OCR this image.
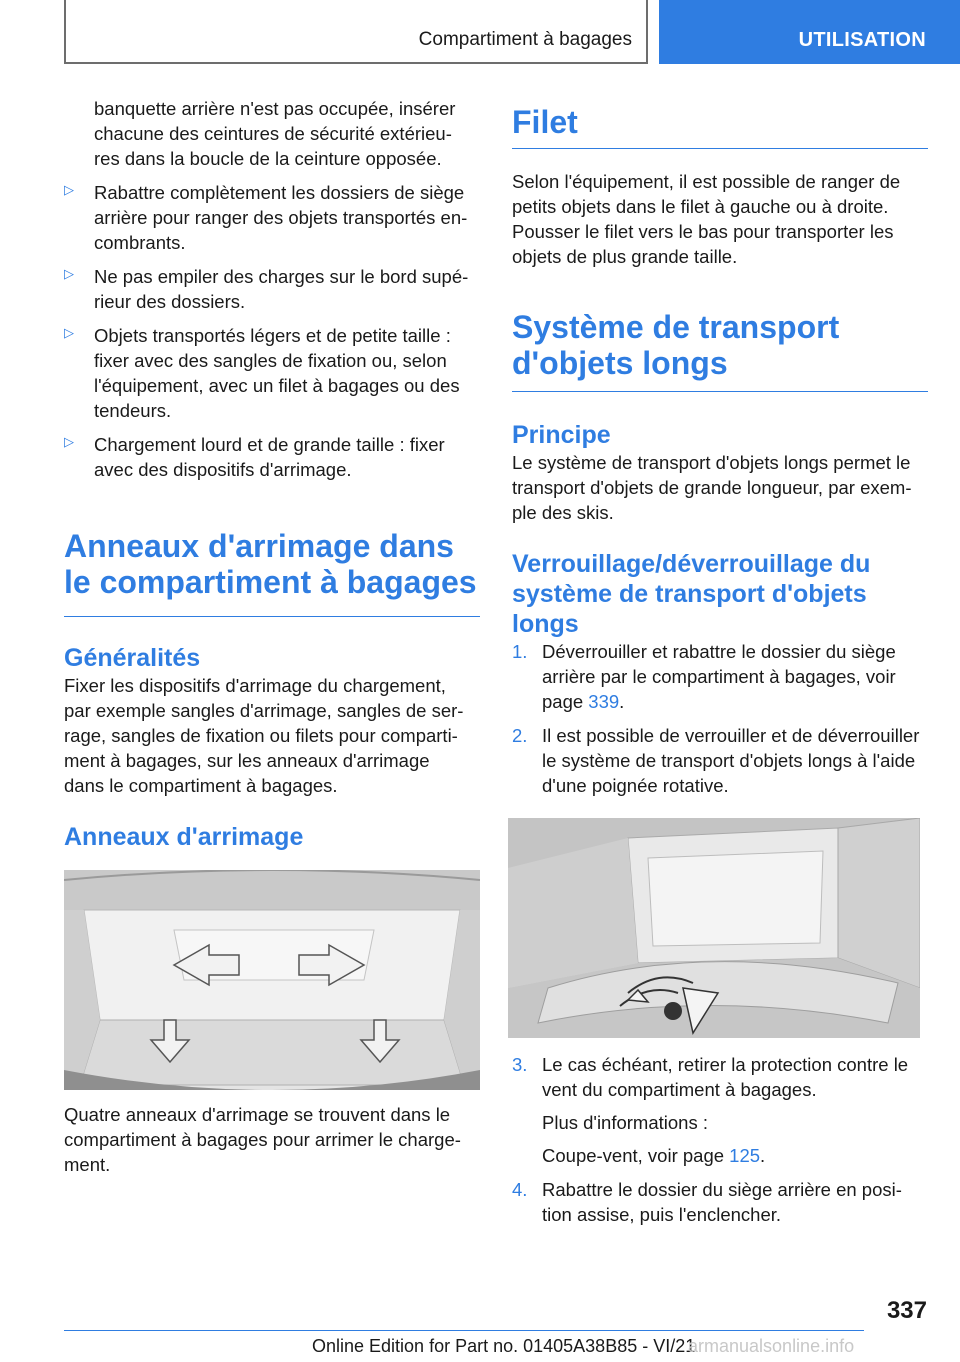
Compartiment à bagages	UTILISATION

banquette arrière n'est pas occupée, insérer

chacune des ceintures de sécurité extérieu-

res dans la boucle de la ceinture opposée.

▷ Rabattre complètement les dossiers de siège

arrière pour ranger des objets transportés en-

combrants.

▷ Ne pas empiler des charges sur le bord supé-

rieur des dossiers.

▷ Objets transportés légers et de petite taille :

fixer avec des sangles de fixation ou, selon

l'équipement, avec un filet à bagages ou des

tendeurs.

▷ Chargement lourd et de grande taille : fixer

avec des dispositifs d'arrimage.

Anneaux d'arrimage dans
le compartiment à bagages
Généralités

Fixer les dispositifs d'arrimage du chargement,

par exemple sangles d'arrimage, sangles de ser-

rage, sangles de fixation ou filets pour comparti-

ment à bagages, sur les anneaux d'arrimage

dans le compartiment à bagages.

Anneaux d'arrimage

Quatre anneaux d'arrimage se trouvent dans le

compartiment à bagages pour arrimer le charge-

ment.

Filet

Selon l'équipement, il est possible de ranger de

petits objets dans le filet à gauche ou à droite.

Pousser le filet vers le bas pour transporter les

objets de plus grande taille.

Système de transport
d'objets longs
Principe

Le système de transport d'objets longs permet le

transport d'objets de grande longueur, par exem-

ple des skis.

Verrouillage/déverrouillage du
système de transport d'objets
longs
1. Déverrouiller et rabattre le dossier du siège

arrière par le compartiment à bagages, voir

page 339.

2. Il est possible de verrouiller et de déverrouiller

le système de transport d'objets longs à l'aide

d'une poignée rotative.

3. Le cas échéant, retirer la protection contre le

vent du compartiment à bagages.

Plus d'informations :

Coupe-vent, voir page 125.

4. Rabattre le dossier du siège arrière en posi-

tion assise, puis l'enclencher.

337
Online Edition for Part no. 01405A38B85 - VI/21
armanualsonline.info
